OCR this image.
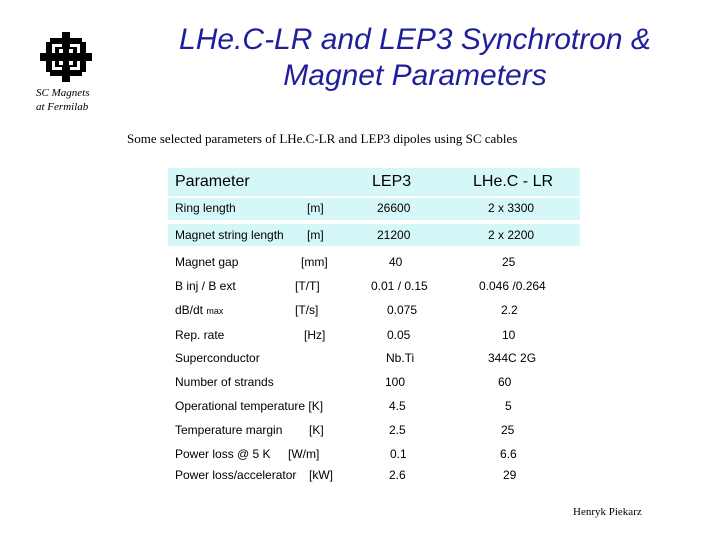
SC Magnets
at Fermilab
LHe.C-LR and LEP3 Synchrotron &
Magnet Parameters
Some selected parameters of LHe.C-LR and LEP3 dipoles using SC cables
Parameter	LEP3	LHe.C - LR
Ring length	[m]	26600	2 x 3300
Magnet string length [m]	21200	2 x 2200
Magnet gap	[mm]	40	25
B inj / B ext	[T/T]	0.01 / 0.15	0.046 /0.264
dB/dt max	[T/s]	0.075	2.2
Rep. rate	[Hz]	0.05	10
Superconductor	Nb.Ti	344C 2G
Number of strands	100	60
Operational temperature [K]	4.5	5
Temperature margin [K]	2.5	25
Power loss @ 5 K [W/m]	0.1	6.6
Power loss/accelerator [kW]	2.6	29
Henryk Piekarz
